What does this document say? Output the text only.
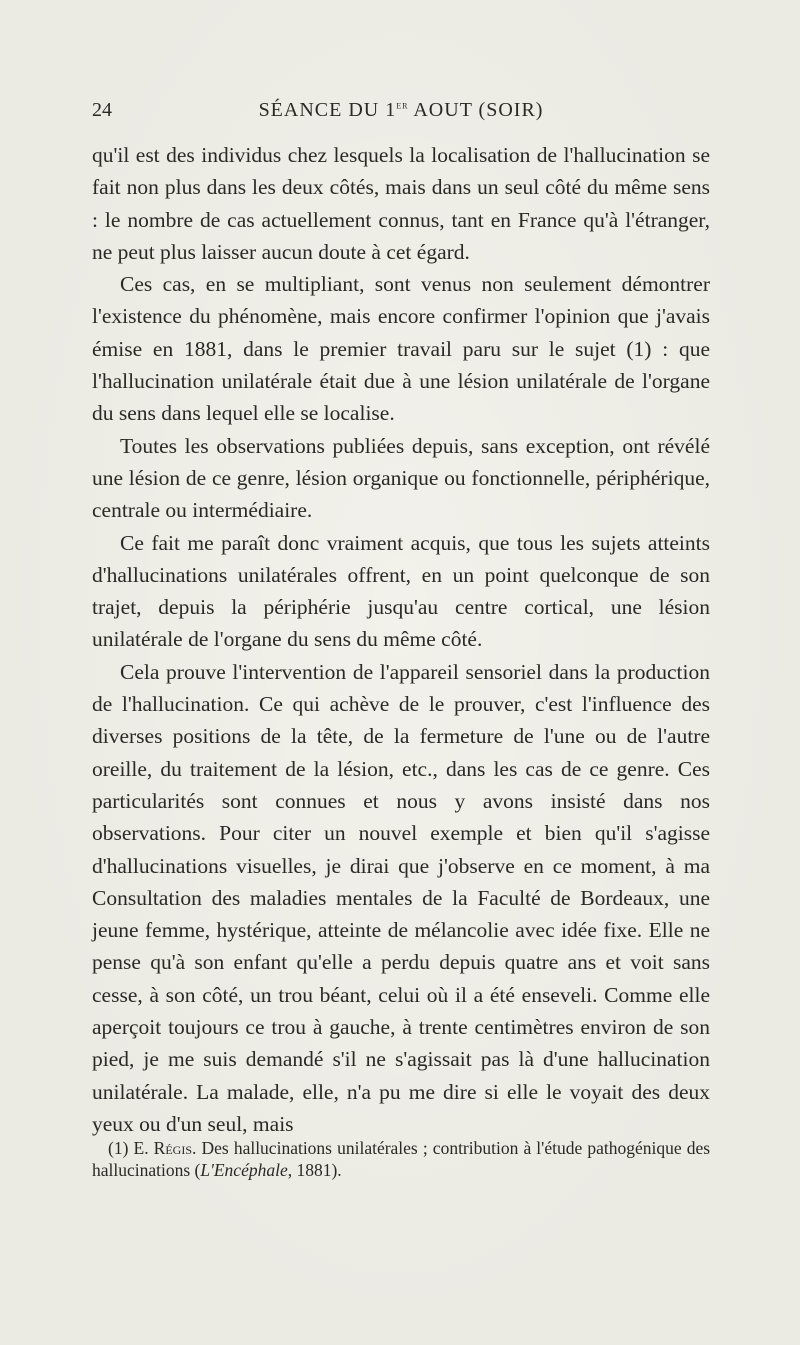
24	SÉANCE DU 1er AOUT (SOIR)

qu'il est des individus chez lesquels la localisation de l'hallucination se fait non plus dans les deux côtés, mais dans un seul côté du même sens : le nombre de cas actuellement connus, tant en France qu'à l'étranger, ne peut plus laisser aucun doute à cet égard.

Ces cas, en se multipliant, sont venus non seulement démontrer l'existence du phénomène, mais encore confirmer l'opinion que j'avais émise en 1881, dans le premier travail paru sur le sujet (1) : que l'hallucination unilatérale était due à une lésion unilatérale de l'organe du sens dans lequel elle se localise.

Toutes les observations publiées depuis, sans exception, ont révélé une lésion de ce genre, lésion organique ou fonctionnelle, périphérique, centrale ou intermédiaire.

Ce fait me paraît donc vraiment acquis, que tous les sujets atteints d'hallucinations unilatérales offrent, en un point quelconque de son trajet, depuis la périphérie jusqu'au centre cortical, une lésion unilatérale de l'organe du sens du même côté.

Cela prouve l'intervention de l'appareil sensoriel dans la production de l'hallucination. Ce qui achève de le prouver, c'est l'influence des diverses positions de la tête, de la fermeture de l'une ou de l'autre oreille, du traitement de la lésion, etc., dans les cas de ce genre. Ces particularités sont connues et nous y avons insisté dans nos observations. Pour citer un nouvel exemple et bien qu'il s'agisse d'hallucinations visuelles, je dirai que j'observe en ce moment, à ma Consultation des maladies mentales de la Faculté de Bordeaux, une jeune femme, hystérique, atteinte de mélancolie avec idée fixe. Elle ne pense qu'à son enfant qu'elle a perdu depuis quatre ans et voit sans cesse, à son côté, un trou béant, celui où il a été enseveli. Comme elle aperçoit toujours ce trou à gauche, à trente centimètres environ de son pied, je me suis demandé s'il ne s'agissait pas là d'une hallucination unilatérale. La malade, elle, n'a pu me dire si elle le voyait des deux yeux ou d'un seul, mais

(1) E. Régis. Des hallucinations unilatérales ; contribution à l'étude pathogénique des hallucinations (L'Encéphale, 1881).
